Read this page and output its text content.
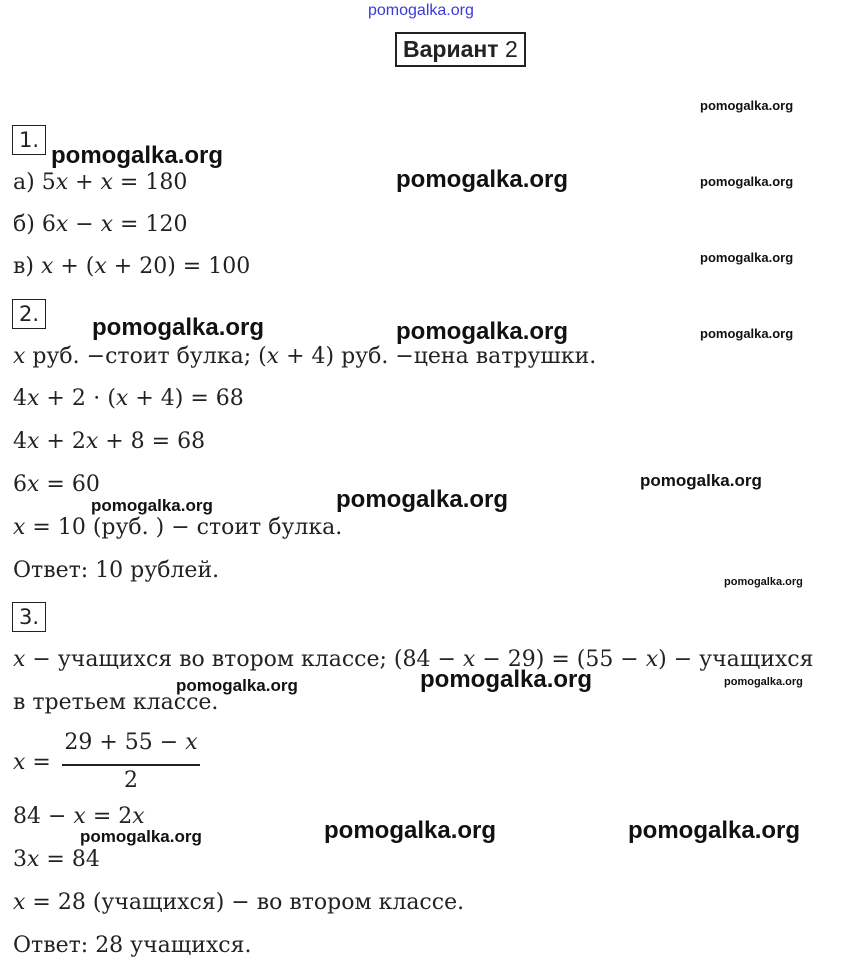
pomogalka.org
Вариант 2
1.
а) 5𝑥 + 𝑥 = 180
б) 6𝑥 − 𝑥 = 120
в) 𝑥 + (𝑥 + 20) = 100
2.
𝑥 руб. −стоит булка; (𝑥 + 4) руб. −цена ватрушки.
4𝑥 + 2 ⋅ (𝑥 + 4) = 68
4𝑥 + 2𝑥 + 8 = 68
6𝑥 = 60
𝑥 = 10 (руб. ) − стоит булка.
Ответ: 10 рублей.
3.
𝑥 − учащихся во втором классе; (84 − 𝑥 − 29) = (55 − 𝑥) − учащихся
в третьем классе.
𝑥 =
29 + 55 − 𝑥
2
84 − 𝑥 = 2𝑥
3𝑥 = 84
𝑥 = 28 (учащихся) − во втором классе.
Ответ: 28 учащихся.
pomogalka.org
pomogalka.org
pomogalka.org	pomogalka.org
pomogalka.org
pomogalka.org	pomogalka.org	pomogalka.org
pomogalka.org
pomogalka.org	pomogalka.org
pomogalka.org
pomogalka.org	pomogalka.org	pomogalka.org
pomogalka.org	pomogalka.org	pomogalka.org
